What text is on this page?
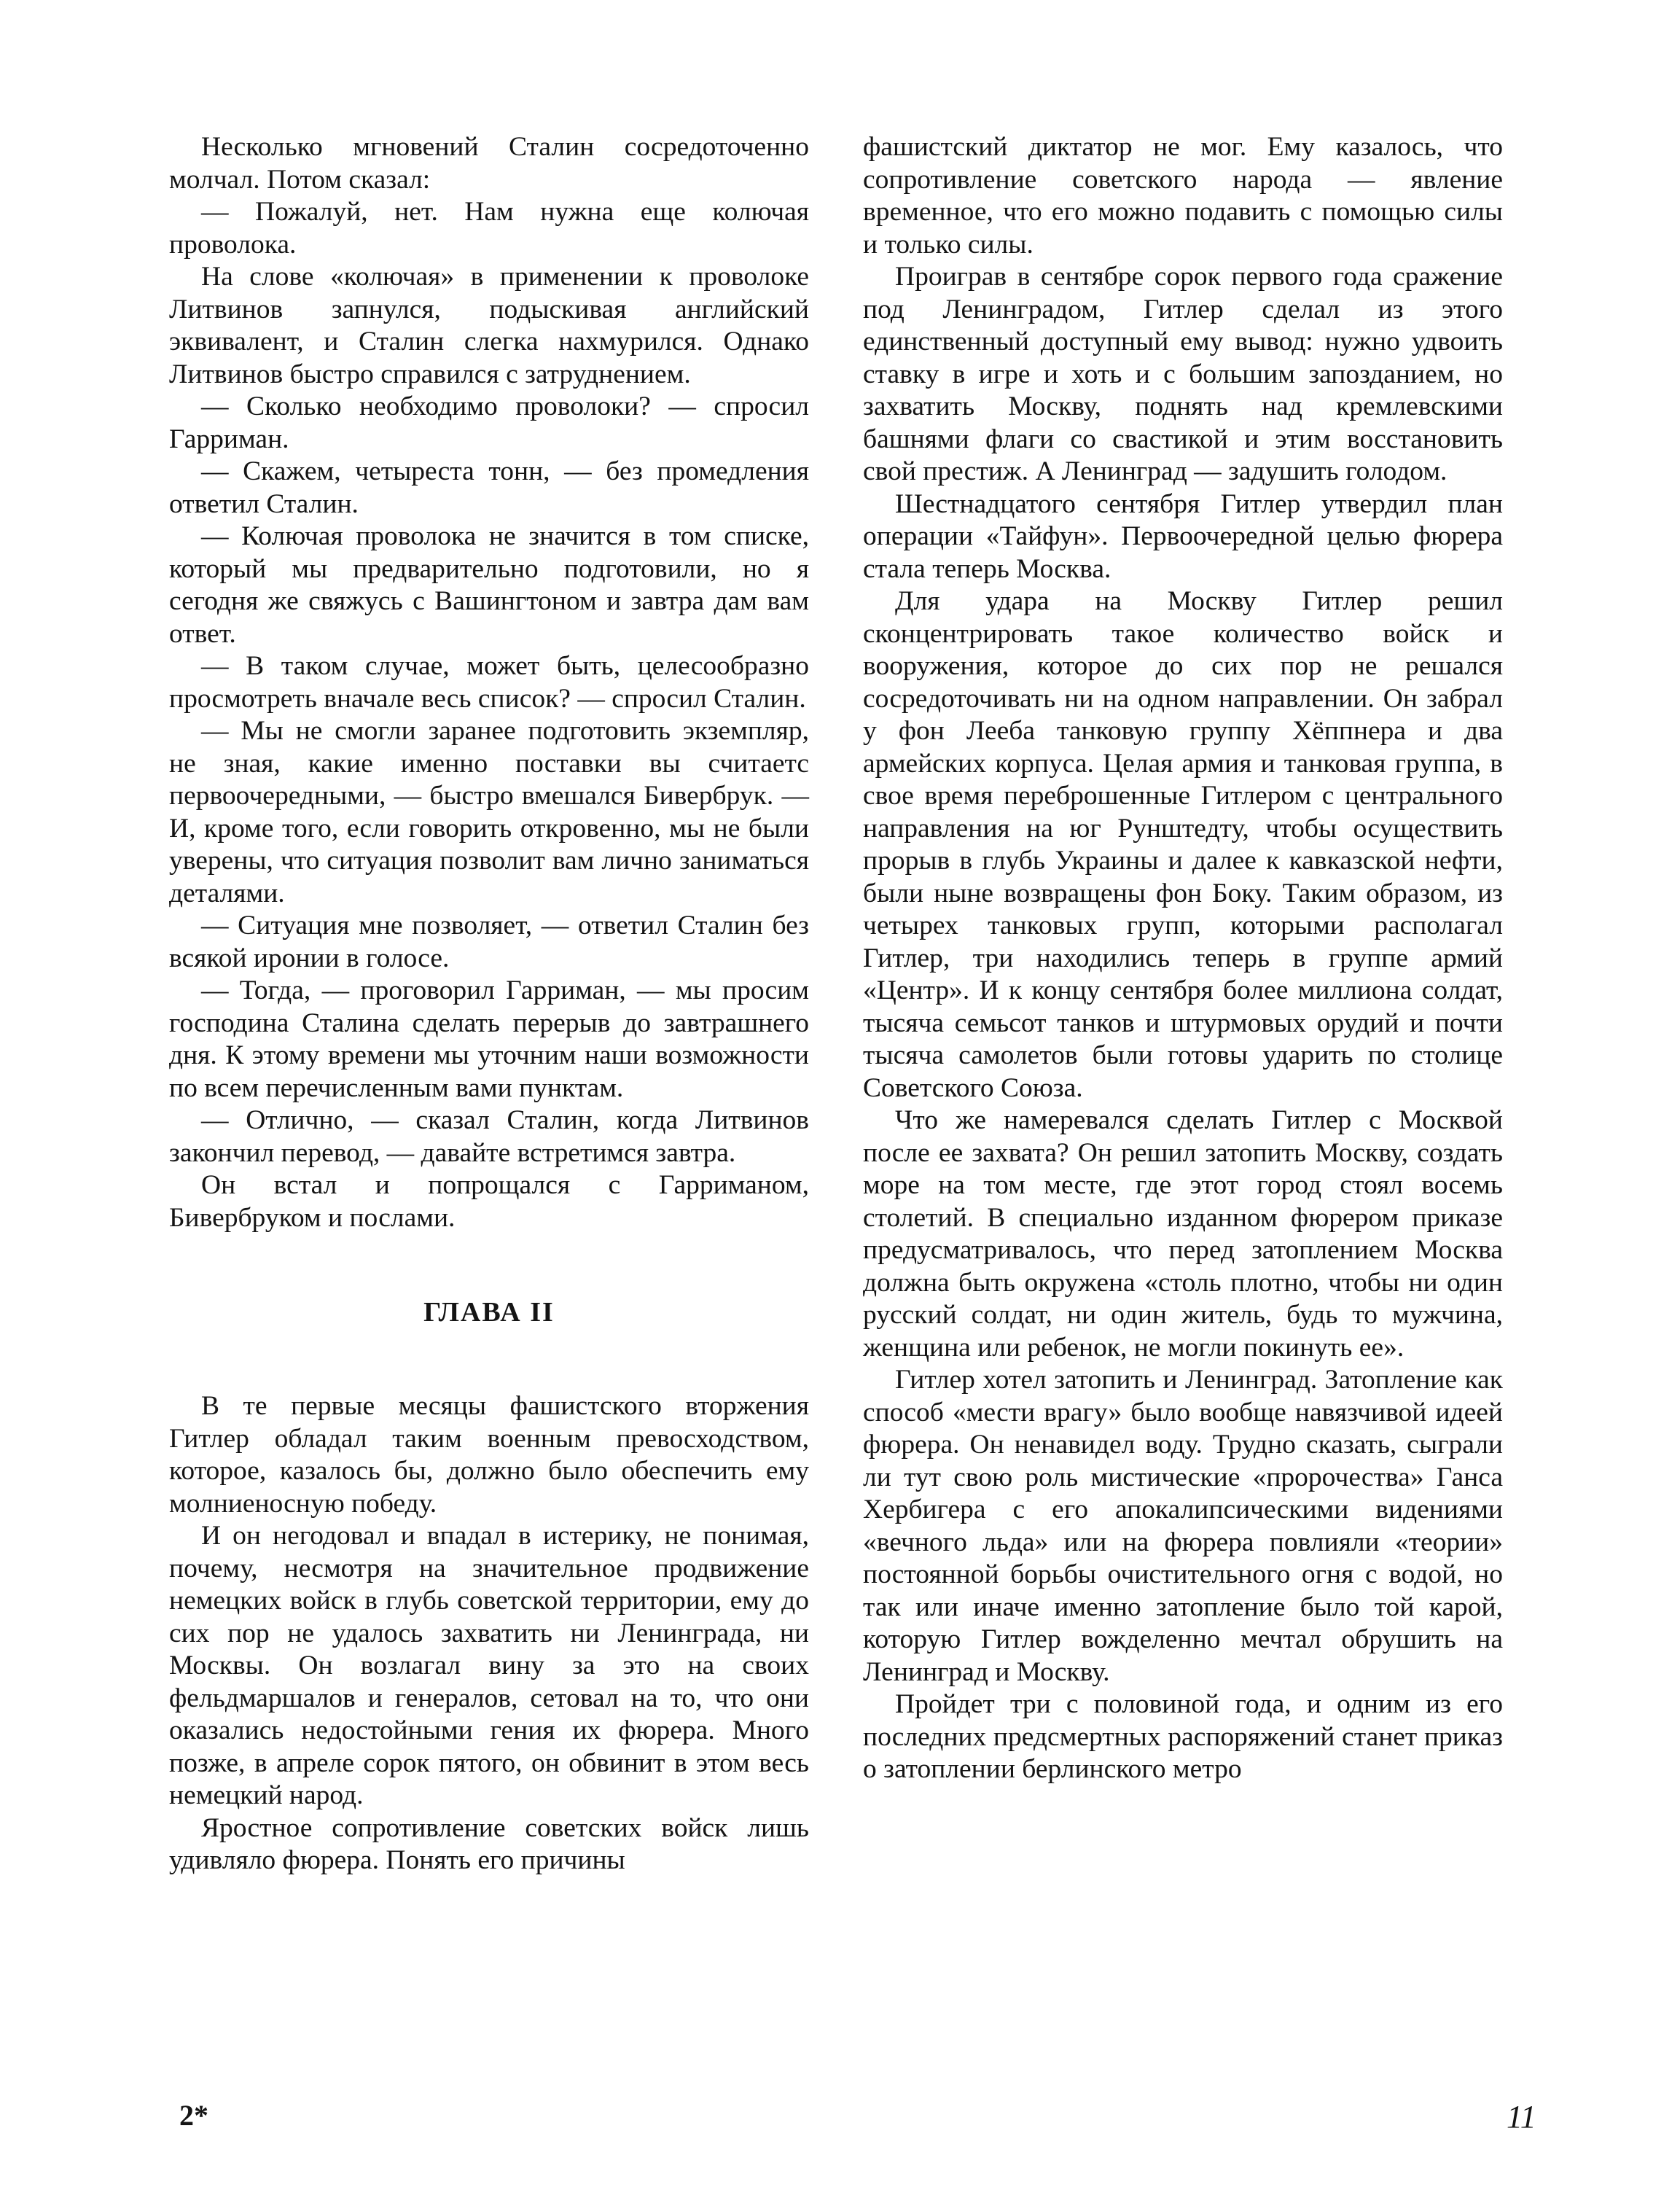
Несколько мгновений Сталин сосредоточенно молчал. Потом сказал:

— Пожалуй, нет. Нам нужна еще колючая проволока.

На слове «колючая» в применении к проволоке Литвинов запнулся, подыскивая английский эквивалент, и Сталин слегка нахмурился. Однако Литвинов быстро справился с затруднением.

— Сколько необходимо проволоки? — спросил Гарриман.

— Скажем, четыреста тонн, — без промедления ответил Сталин.

— Колючая проволока не значится в том списке, который мы предварительно подготовили, но я сегодня же свяжусь с Вашингтоном и завтра дам вам ответ.

— В таком случае, может быть, целесообразно просмотреть вначале весь список? — спросил Сталин.

— Мы не смогли заранее подготовить экземпляр, не зная, какие именно поставки вы считаетс первоочередными, — быстро вмешался Бивербрук. — И, кроме того, если говорить откровенно, мы не были уверены, что ситуация позволит вам лично заниматься деталями.

— Ситуация мне позволяет, — ответил Сталин без всякой иронии в голосе.

— Тогда, — проговорил Гарриман, — мы просим господина Сталина сделать перерыв до завтрашнего дня. К этому времени мы уточним наши возможности по всем перечисленным вами пунктам.

— Отлично, — сказал Сталин, когда Литвинов закончил перевод, — давайте встретимся завтра.

Он встал и попрощался с Гарриманом, Бивербруком и послами.

ГЛАВА II

В те первые месяцы фашистского вторжения Гитлер обладал таким военным превосходством, которое, казалось бы, должно было обеспечить ему молниеносную победу.

И он негодовал и впадал в истерику, не понимая, почему, несмотря на значительное продвижение немецких войск в глубь советской территории, ему до сих пор не удалось захватить ни Ленинграда, ни Москвы. Он возлагал вину за это на своих фельдмаршалов и генералов, сетовал на то, что они оказались недостойными гения их фюрера. Много позже, в апреле сорок пятого, он обвинит в этом весь немецкий народ.

Яростное сопротивление советских войск лишь удивляло фюрера. Понять его причины

фашистский диктатор не мог. Ему казалось, что сопротивление советского народа — явление временное, что его можно подавить с помощью силы и только силы.

Проиграв в сентябре сорок первого года сражение под Ленинградом, Гитлер сделал из этого единственный доступный ему вывод: нужно удвоить ставку в игре и хоть и с большим запозданием, но захватить Москву, поднять над кремлевскими башнями флаги со свастикой и этим восстановить свой престиж. А Ленинград — задушить голодом.

Шестнадцатого сентября Гитлер утвердил план операции «Тайфун». Первоочередной целью фюрера стала теперь Москва.

Для удара на Москву Гитлер решил сконцентрировать такое количество войск и вооружения, которое до сих пор не решался сосредоточивать ни на одном направлении. Он забрал у фон Лееба танковую группу Хёппнера и два армейских корпуса. Целая армия и танковая группа, в свое время переброшенные Гитлером с центрального направления на юг Рунштедту, чтобы осуществить прорыв в глубь Украины и далее к кавказской нефти, были ныне возвращены фон Боку. Таким образом, из четырех танковых групп, которыми располагал Гитлер, три находились теперь в группе армий «Центр». И к концу сентября более миллиона солдат, тысяча семьсот танков и штурмовых орудий и почти тысяча самолетов были готовы ударить по столице Советского Союза.

Что же намеревался сделать Гитлер с Москвой после ее захвата? Он решил затопить Москву, создать море на том месте, где этот город стоял восемь столетий. В специально изданном фюрером приказе предусматривалось, что перед затоплением Москва должна быть окружена «столь плотно, чтобы ни один русский солдат, ни один житель, будь то мужчина, женщина или ребенок, не могли покинуть ее».

Гитлер хотел затопить и Ленинград. Затопление как способ «мести врагу» было вообще навязчивой идеей фюрера. Он ненавидел воду. Трудно сказать, сыграли ли тут свою роль мистические «пророчества» Ганса Хербигера с его апокалипсическими видениями «вечного льда» или на фюрера повлияли «теории» постоянной борьбы очистительного огня с водой, но так или иначе именно затопление было той карой, которую Гитлер вожделенно мечтал обрушить на Ленинград и Москву.

Пройдет три с половиной года, и одним из его последних предсмертных распоряжений станет приказ о затоплении берлинского метро

2*	11
